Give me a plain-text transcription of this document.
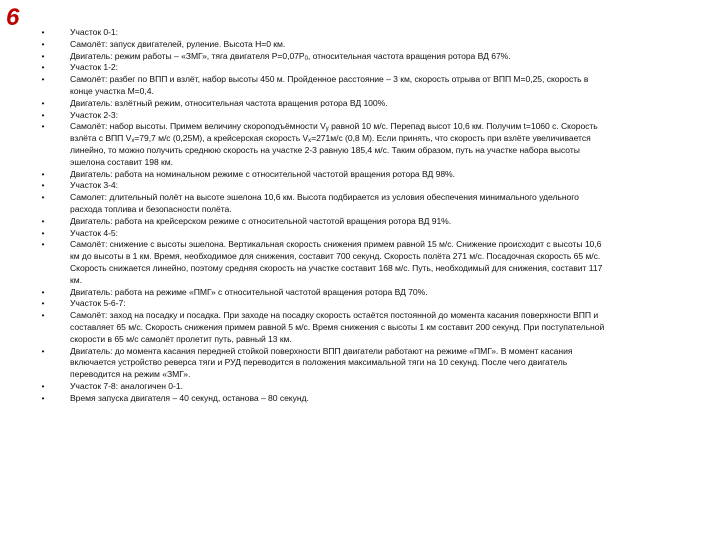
6
•	Участок 0-1:
•	Самолёт: запуск двигателей, руление. Высота H=0 км.
•	Двигатель: режим работы – «ЗМГ», тяга двигателя $P=0,07P_0$, относительная частота вращения ротора ВД 67%.
•	Участок 1-2:
•	Самолёт: разбег по ВПП и взлёт, набор высоты 450 м. Пройденное расстояние – 3 км, скорость отрыва от ВПП M=0,25, скорость в конце участка M=0,4.
•	Двигатель: взлётный режим, относительная частота вращения ротора ВД 100%.
•	Участок 2-3:
•	Самолёт: набор высоты. Примем величину скороподъёмности $V_y$ равной 10 м/с. Перепад высот 10,6 км. Получим t=1060 с. Скорость взлёта с ВПП $V_x=79,7$ м/с (0,25M), а крейсерская скорость $V_x=271м/с$ (0,8 M). Если принять, что скорость при взлёте увеличивается линейно, то можно получить среднюю скорость на участке 2-3 равную 185,4 м/с. Таким образом, путь на участке набора высоты эшелона составит 198 км.
•	Двигатель: работа на номинальном режиме с относительной частотой вращения ротора ВД 98%.
•	Участок 3-4:
•	Самолет: длительный полёт на высоте эшелона 10,6 км. Высота подбирается из условия обеспечения минимального удельного расхода топлива и безопасности полёта.
•	Двигатель: работа на крейсерском режиме с относительной частотой вращения ротора ВД 91%.
•	Участок 4-5:
•	Самолёт: снижение с высоты эшелона. Вертикальная скорость снижения примем равной 15 м/с. Снижение происходит с высоты 10,6 км до высоты в 1 км. Время, необходимое для снижения, составит 700 секунд. Скорость полёта 271 м/с. Посадочная скорость 65 м/с. Скорость снижается линейно, поэтому средняя скорость на участке составит 168 м/с. Путь, необходимый для снижения, составит 117 км.
•	Двигатель: работа на режиме «ПМГ» с относительной частотой вращения ротора ВД 70%.
•	Участок 5-6-7:
•	Самолёт: заход на посадку и посадка. При заходе на посадку скорость остаётся постоянной до момента касания поверхности ВПП и составляет 65 м/с. Скорость снижения примем равной 5 м/с. Время снижения с высоты 1 км составит 200 секунд. При поступательной скорости в 65 м/с самолёт пролетит путь, равный 13 км.
•	Двигатель: до момента касания передней стойкой поверхности ВПП двигатели работают на режиме «ПМГ». В момент касания включается устройство реверса тяги и РУД переводится в положения максимальной тяги на 10 секунд. После чего двигатель переводится на режим «ЗМГ».
•	Участок 7-8: аналогичен 0-1.
•	Время запуска двигателя – 40 секунд, останова – 80 секунд.
